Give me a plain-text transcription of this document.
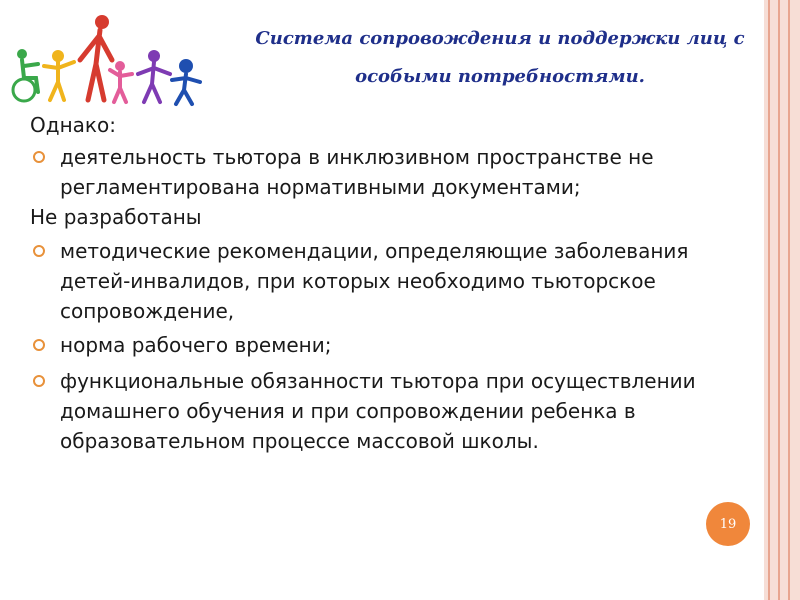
Система сопровождения и поддержки лиц с
особыми потребностями.

Однако:

деятельность тьютора в инклюзивном пространстве не регламентирована нормативными документами;

Не разработаны

методические рекомендации, определяющие заболевания детей-инвалидов, при которых необходимо тьюторское сопровождение,

норма рабочего времени;

функциональные обязанности тьютора при осуществлении домашнего обучения и при сопровождении ребенка в образовательном процессе массовой школы.

19
